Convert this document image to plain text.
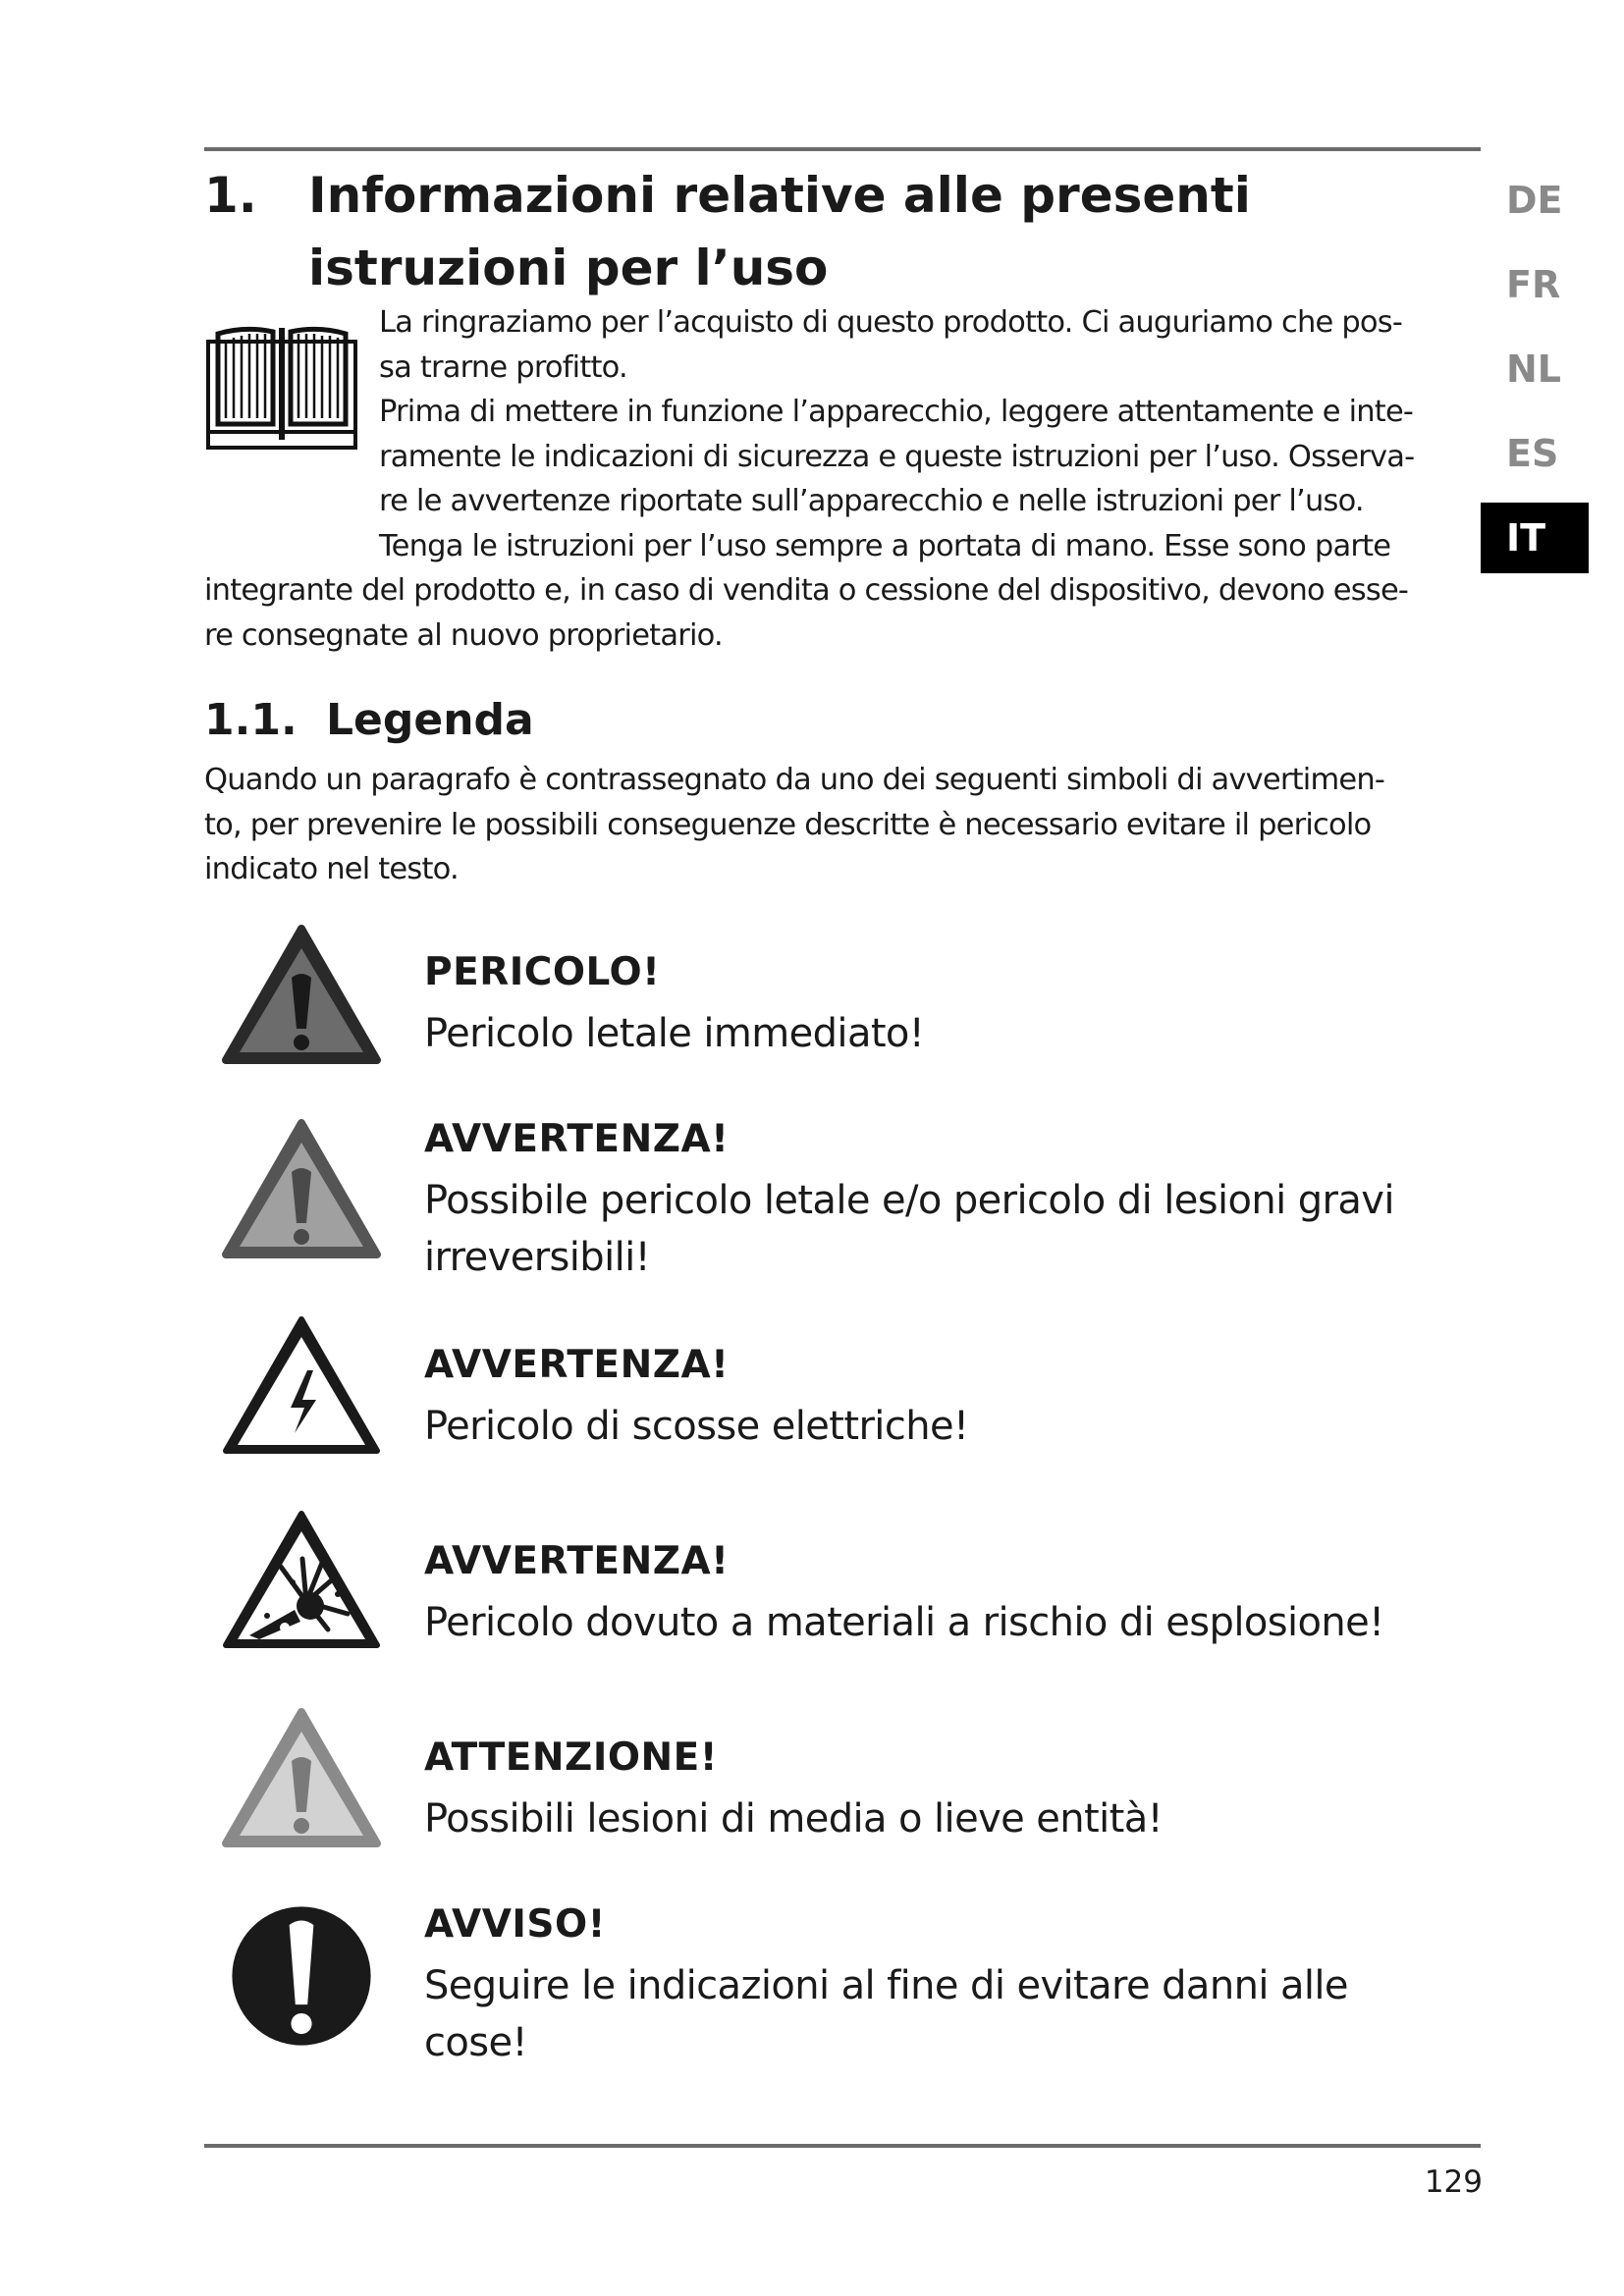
DE
FR
NL
ES
IT
1. Informazioni relative alle presenti
istruzioni per l’uso

La ringraziamo per l’acquisto di questo prodotto. Ci auguriamo che pos-

sa trarne profitto.

Prima di mettere in funzione l’apparecchio, leggere attentamente e inte-

ramente le indicazioni di sicurezza e queste istruzioni per l’uso. Osserva-

re le avvertenze riportate sull’apparecchio e nelle istruzioni per l’uso.

Tenga le istruzioni per l’uso sempre a portata di mano. Esse sono parte

integrante del prodotto e, in caso di vendita o cessione del dispositivo, devono esse-

re consegnate al nuovo proprietario.

1.1. Legenda
Quando un paragrafo è contrassegnato da uno dei seguenti simboli di avvertimen-
to, per prevenire le possibili conseguenze descritte è necessario evitare il pericolo
indicato nel testo.

PERICOLO!

Pericolo letale immediato!

AVVERTENZA!

Possibile pericolo letale e/o pericolo di lesioni gravi

irreversibili!

AVVERTENZA!

Pericolo di scosse elettriche!

AVVERTENZA!

Pericolo dovuto a materiali a rischio di esplosione!

ATTENZIONE!

Possibili lesioni di media o lieve entità!

AVVISO!

Seguire le indicazioni al fine di evitare danni alle

cose!

129
